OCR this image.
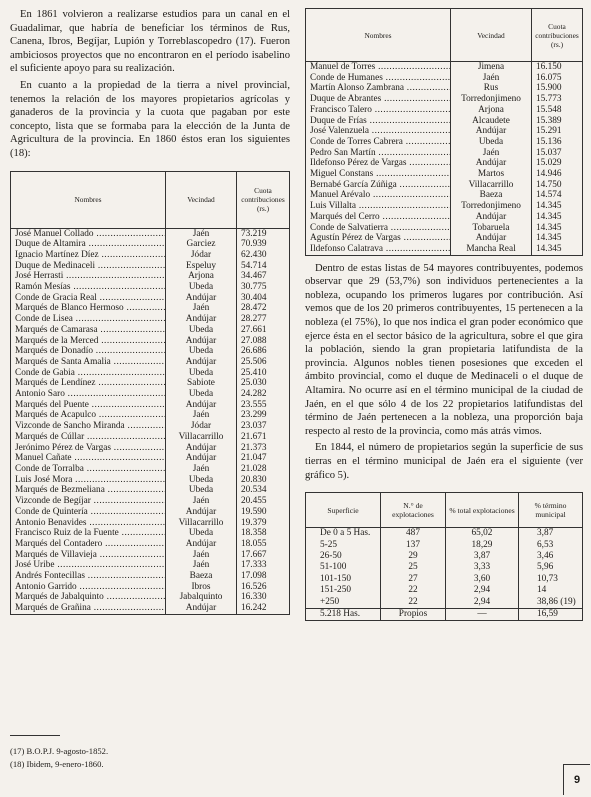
En 1861 volvieron a realizarse estudios para un canal en el Guadalimar, que habría de beneficiar los términos de Rus, Canena, Ibros, Begíjar, Lupión y Torreblascopedro (17). Fueron ambiciosos proyectos que no encontraron en el período isabelino el suficiente apoyo para su realización.

En cuanto a la propiedad de la tierra a nivel provincial, tenemos la relación de los mayores propietarios agrícolas y ganaderos de la provincia y la cuota que pagaban por este concepto, lista que se formaba para la elección de la Junta de Agricultura de la provincia. En 1860 éstos eran los siguientes (18):

Nombres	Vecindad	Cuota contribuciones (rs.)
José Manuel Collado .....	Jaén	73.219
Duque de Altamira .....	Garciez	70.939
Ignacio Martínez Díez .....	Jódar	62.430
Duque de Medinaceli .....	Espeluy	54.714
José Herrasti .....	Arjona	34.467
Ramón Mesías .....	Ubeda	30.775
Conde de Gracia Real .....	Andújar	30.404
Marqués de Blanco Hermoso .....	Jaén	28.472
Conde de Lisea .....	Andújar	28.277
Marqués de Camarasa .....	Ubeda	27.661
Marqués de la Merced .....	Andújar	27.088
Marqués de Donadío .....	Ubeda	26.686
Marqués de Santa Amalia .....	Andújar	25.506
Conde de Gabia .....	Ubeda	25.410
Marqués de Lendínez .....	Sabiote	25.030
Antonio Saro .....	Ubeda	24.282
Marqués del Puente .....	Andújar	23.555
Marqués de Acapulco .....	Jaén	23.299
Vizconde de Sancho Miranda .....	Jódar	23.037
Marqués de Cúllar .....	Villacarrillo	21.671
Jerónimo Pérez de Vargas .....	Andújar	21.373
Manuel Cañate .....	Andújar	21.047
Conde de Torralba .....	Jaén	21.028
Luis José Mora .....	Ubeda	20.830
Marqués de Bezmeliana .....	Ubeda	20.534
Vizconde de Begíjar .....	Jaén	20.455
Conde de Quintería .....	Andújar	19.590
Antonio Benavides .....	Villacarrillo	19.379
Francisco Ruiz de la Fuente .....	Ubeda	18.358
Marqués del Contadero .....	Andújar	18.055
Marqués de Villavieja .....	Jaén	17.667
José Uribe .....	Jaén	17.333
Andrés Fontecillas .....	Baeza	17.098
Antonio Garrido .....	Ibros	16.526
Marqués de Jabalquinto .....	Jabalquinto	16.330
Marqués de Grañina .....	Andújar	16.242
Nombres	Vecindad	Cuota contribuciones (rs.)
Manuel de Torres .....	Jimena	16.150
Conde de Humanes .....	Jaén	16.075
Martín Alonso Zambrana .....	Rus	15.900
Duque de Abrantes .....	Torredonjimeno	15.773
Francisco Talero .....	Arjona	15.548
Duque de Frías .....	Alcaudete	15.389
José Valenzuela .....	Andújar	15.291
Conde de Torres Cabrera .....	Ubeda	15.136
Pedro San Martín .....	Jaén	15.037
Ildefonso Pérez de Vargas .....	Andújar	15.029
Miguel Constans .....	Martos	14.946
Bernabé García Zúñiga .....	Villacarrillo	14.750
Manuel Arévalo .....	Baeza	14.574
Luis Villalta .....	Torredonjimeno	14.345
Marqués del Cerro .....	Andújar	14.345
Conde de Salvatierra .....	Tobaruela	14.345
Agustín Pérez de Vargas .....	Andújar	14.345
Ildefonso Calatrava .....	Mancha Real	14.345

Dentro de estas listas de 54 mayores contribuyentes, podemos observar que 29 (53,7%) son individuos pertenecientes a la nobleza, ocupando los primeros lugares por contribución. Así vemos que de los 20 primeros contribuyentes, 15 pertenecen a la nobleza (el 75%), lo que nos indica el gran poder económico que ejerce ésta en el sector básico de la agricultura, sobre el que gira la población, siendo la gran propietaria latifundista de la provincia. Algunos nobles tienen posesiones que exceden el ámbito provincial, como el duque de Medinaceli o el duque de Altamira. No ocurre así en el término municipal de la ciudad de Jaén, en el que sólo 4 de los 22 propietarios latifundistas del término de Jaén pertenecen a la nobleza, una proporción baja respecto al resto de la provincia, como más atrás vimos.

En 1844, el número de propietarios según la superficie de sus tierras en el término municipal de Jaén era el siguiente (ver gráfico 5).

Superficie	N.° de explotaciones	% total explotaciones	% término municipal
De 0 a 5 Has.	487	65,02	3,87
5-25	137	18,29	6,53
26-50	29	3,87	3,46
51-100	25	3,33	5,96
101-150	27	3,60	10,73
151-250	22	2,94	14
+250	22	2,94	38,86 (19)
5.218 Has.	Propios	—	16,59
(17) B.O.P.J. 9-agosto-1852.
(18) Ibidem, 9-enero-1860.
9
